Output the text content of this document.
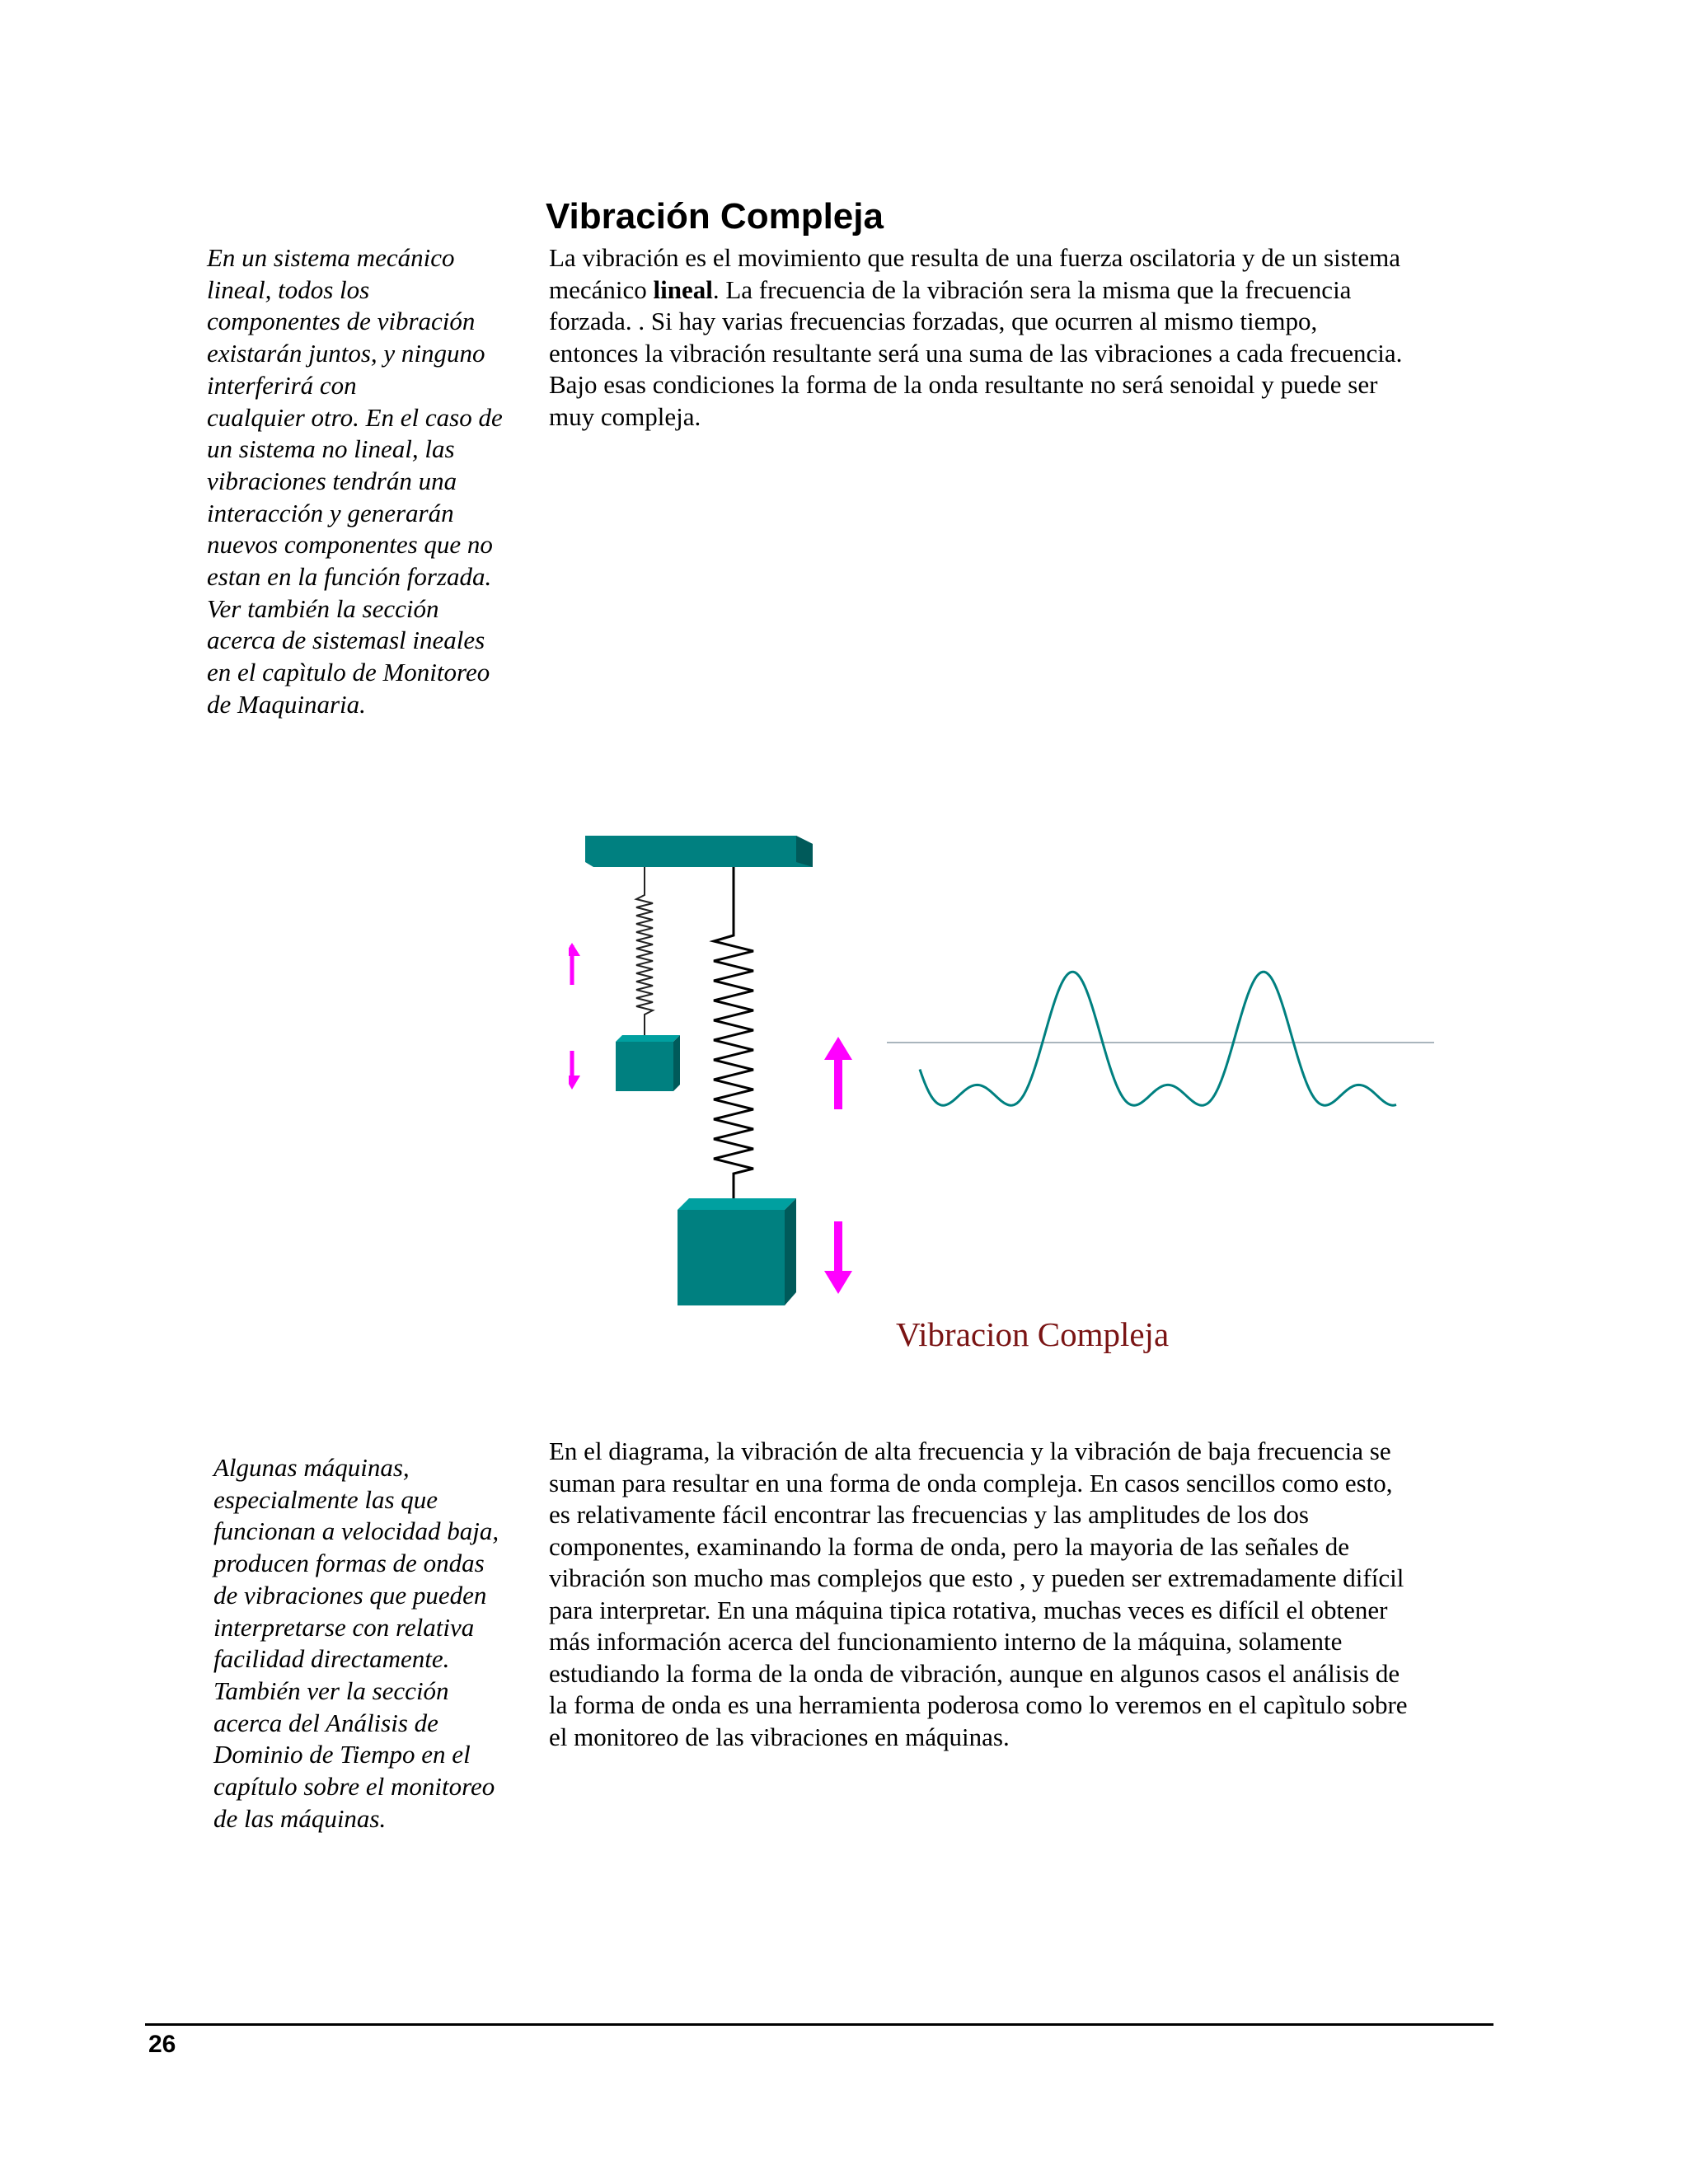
Vibración Compleja
En un sistema mecánico
lineal, todos los
componentes de vibración
existarán juntos, y ninguno
interferirá con
cualquier otro. En el caso de
un sistema no lineal, las
vibraciones tendrán una
interacción y generarán
nuevos componentes que no
estan en la función forzada.
Ver también la sección
acerca de sistemasl ineales
en el capìtulo de Monitoreo
de Maquinaria.
La vibración es el movimiento que resulta de una fuerza oscilatoria y de un sistema
mecánico lineal. La frecuencia de la vibración sera la misma que la frecuencia
forzada. . Si hay varias frecuencias forzadas, que ocurren al mismo tiempo,
entonces la vibración resultante será una suma de las vibraciones a cada frecuencia.
Bajo esas condiciones la forma de la onda resultante no será senoidal y puede ser
muy compleja.
Vibracion Compleja
Algunas máquinas,
especialmente las que
funcionan a velocidad baja,
producen formas de ondas
de vibraciones que pueden
interpretarse con relativa
facilidad directamente.
También ver la sección
acerca del Análisis de
Dominio de Tiempo en el
capítulo sobre el monitoreo
de las máquinas.
En el diagrama, la vibración de alta frecuencia y la vibración de baja frecuencia se
suman para resultar en una forma de onda compleja. En casos sencillos como esto,
es relativamente fácil encontrar las frecuencias y las amplitudes de los dos
componentes, examinando la forma de onda, pero la mayoria de las señales de
vibración son mucho mas complejos que esto , y pueden ser extremadamente difícil
para interpretar. En una máquina tipica rotativa, muchas veces es difícil el obtener
más información acerca del funcionamiento interno de la máquina, solamente
estudiando la forma de la onda de vibración, aunque en algunos casos el análisis de
la forma de onda es una herramienta poderosa como lo veremos en el capìtulo sobre
el monitoreo de las vibraciones en máquinas.
26
